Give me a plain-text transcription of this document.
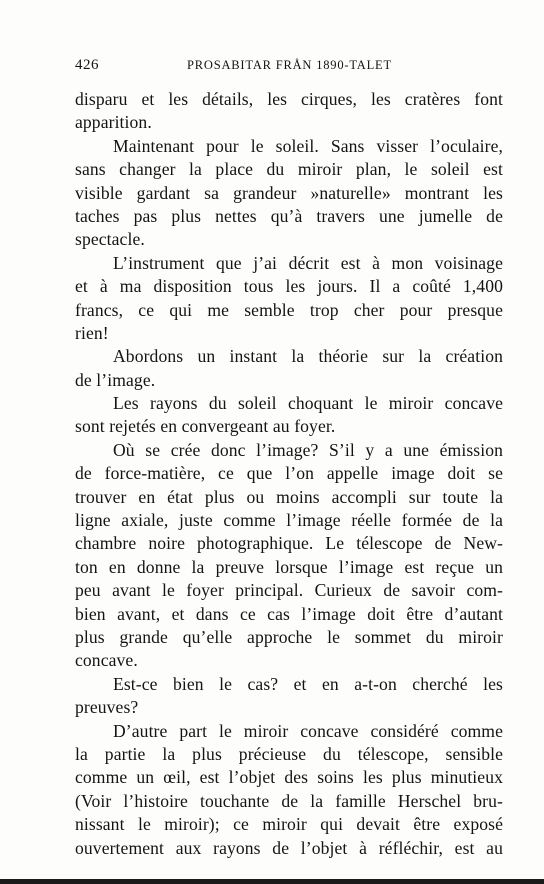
426	PROSABITAR FRÅN 1890-TALET
disparu et les détails, les cirques, les cratères font
apparition.
Maintenant pour le soleil. Sans visser l’oculaire,
sans changer la place du miroir plan, le soleil est
visible gardant sa grandeur »naturelle» montrant les
taches pas plus nettes qu’à travers une jumelle de
spectacle.
L’instrument que j’ai décrit est à mon voisinage
et à ma disposition tous les jours. Il a coûté 1,400
francs, ce qui me semble trop cher pour presque
rien!
Abordons un instant la théorie sur la création
de l’image.
Les rayons du soleil choquant le miroir concave
sont rejetés en convergeant au foyer.
Où se crée donc l’image? S’il y a une émission
de force-matière, ce que l’on appelle image doit se
trouver en état plus ou moins accompli sur toute la
ligne axiale, juste comme l’image réelle formée de la
chambre noire photographique. Le télescope de New-
ton en donne la preuve lorsque l’image est reçue un
peu avant le foyer principal. Curieux de savoir com-
bien avant, et dans ce cas l’image doit être d’autant
plus grande qu’elle approche le sommet du miroir
concave.
Est-ce bien le cas? et en a-t-on cherché les
preuves?
D’autre part le miroir concave considéré comme
la partie la plus précieuse du télescope, sensible
comme un œil, est l’objet des soins les plus minutieux
(Voir l’histoire touchante de la famille Herschel bru-
nissant le miroir); ce miroir qui devait être exposé
ouvertement aux rayons de l’objet à réfléchir, est au
